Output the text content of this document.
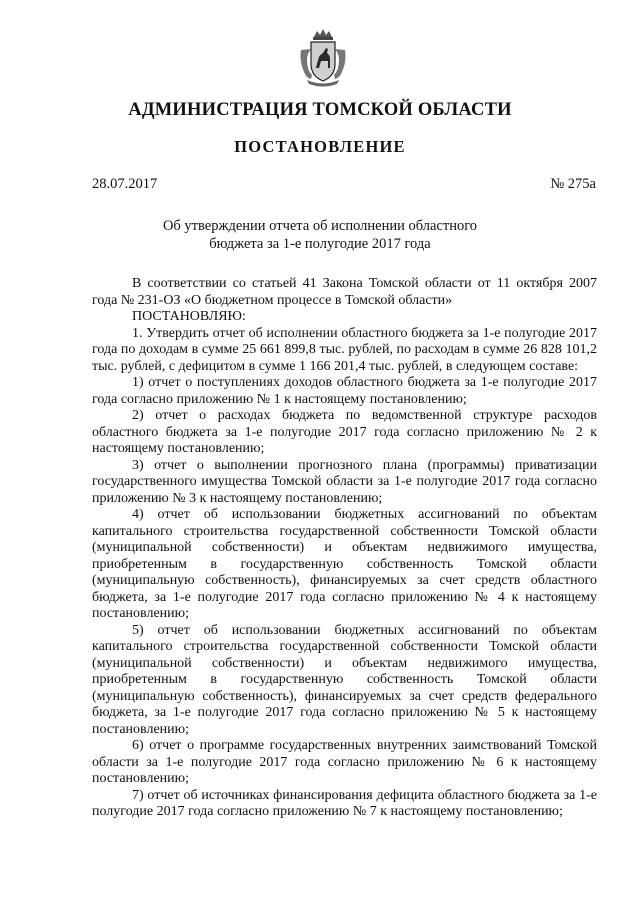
АДМИНИСТРАЦИЯ ТОМСКОЙ ОБЛАСТИ
ПОСТАНОВЛЕНИЕ
28.07.2017	№ 275а
Об утверждении отчета об исполнении областного
бюджета за 1-е полугодие 2017 года

В соответствии со статьей 41 Закона Томской области от 11 октября 2007 года № 231-ОЗ «О бюджетном процессе в Томской области»

ПОСТАНОВЛЯЮ:

1. Утвердить отчет об исполнении областного бюджета за 1-е полугодие 2017 года по доходам в сумме 25 661 899,8 тыс. рублей, по расходам в сумме 26 828 101,2 тыс. рублей, с дефицитом в сумме 1 166 201,4 тыс. рублей, в следующем составе:

1) отчет о поступлениях доходов областного бюджета за 1-е полугодие 2017 года согласно приложению № 1 к настоящему постановлению;

2) отчет о расходах бюджета по ведомственной структуре расходов областного бюджета за 1-е полугодие 2017 года согласно приложению № 2 к настоящему постановлению;

3) отчет о выполнении прогнозного плана (программы) приватизации государственного имущества Томской области за 1-е полугодие 2017 года согласно приложению № 3 к настоящему постановлению;

4) отчет об использовании бюджетных ассигнований по объектам капитального строительства государственной собственности Томской области (муниципальной собственности) и объектам недвижимого имущества, приобретенным в государственную собственность Томской области (муниципальную собственность), финансируемых за счет средств областного бюджета, за 1-е полугодие 2017 года согласно приложению № 4 к настоящему постановлению;

5) отчет об использовании бюджетных ассигнований по объектам капитального строительства государственной собственности Томской области (муниципальной собственности) и объектам недвижимого имущества, приобретенным в государственную собственность Томской области (муниципальную собственность), финансируемых за счет средств федерального бюджета, за 1-е полугодие 2017 года согласно приложению № 5 к настоящему постановлению;

6) отчет о программе государственных внутренних заимствований Томской области за 1-е полугодие 2017 года согласно приложению № 6 к настоящему постановлению;

7) отчет об источниках финансирования дефицита областного бюджета за 1-е полугодие 2017 года согласно приложению № 7 к настоящему постановлению;
